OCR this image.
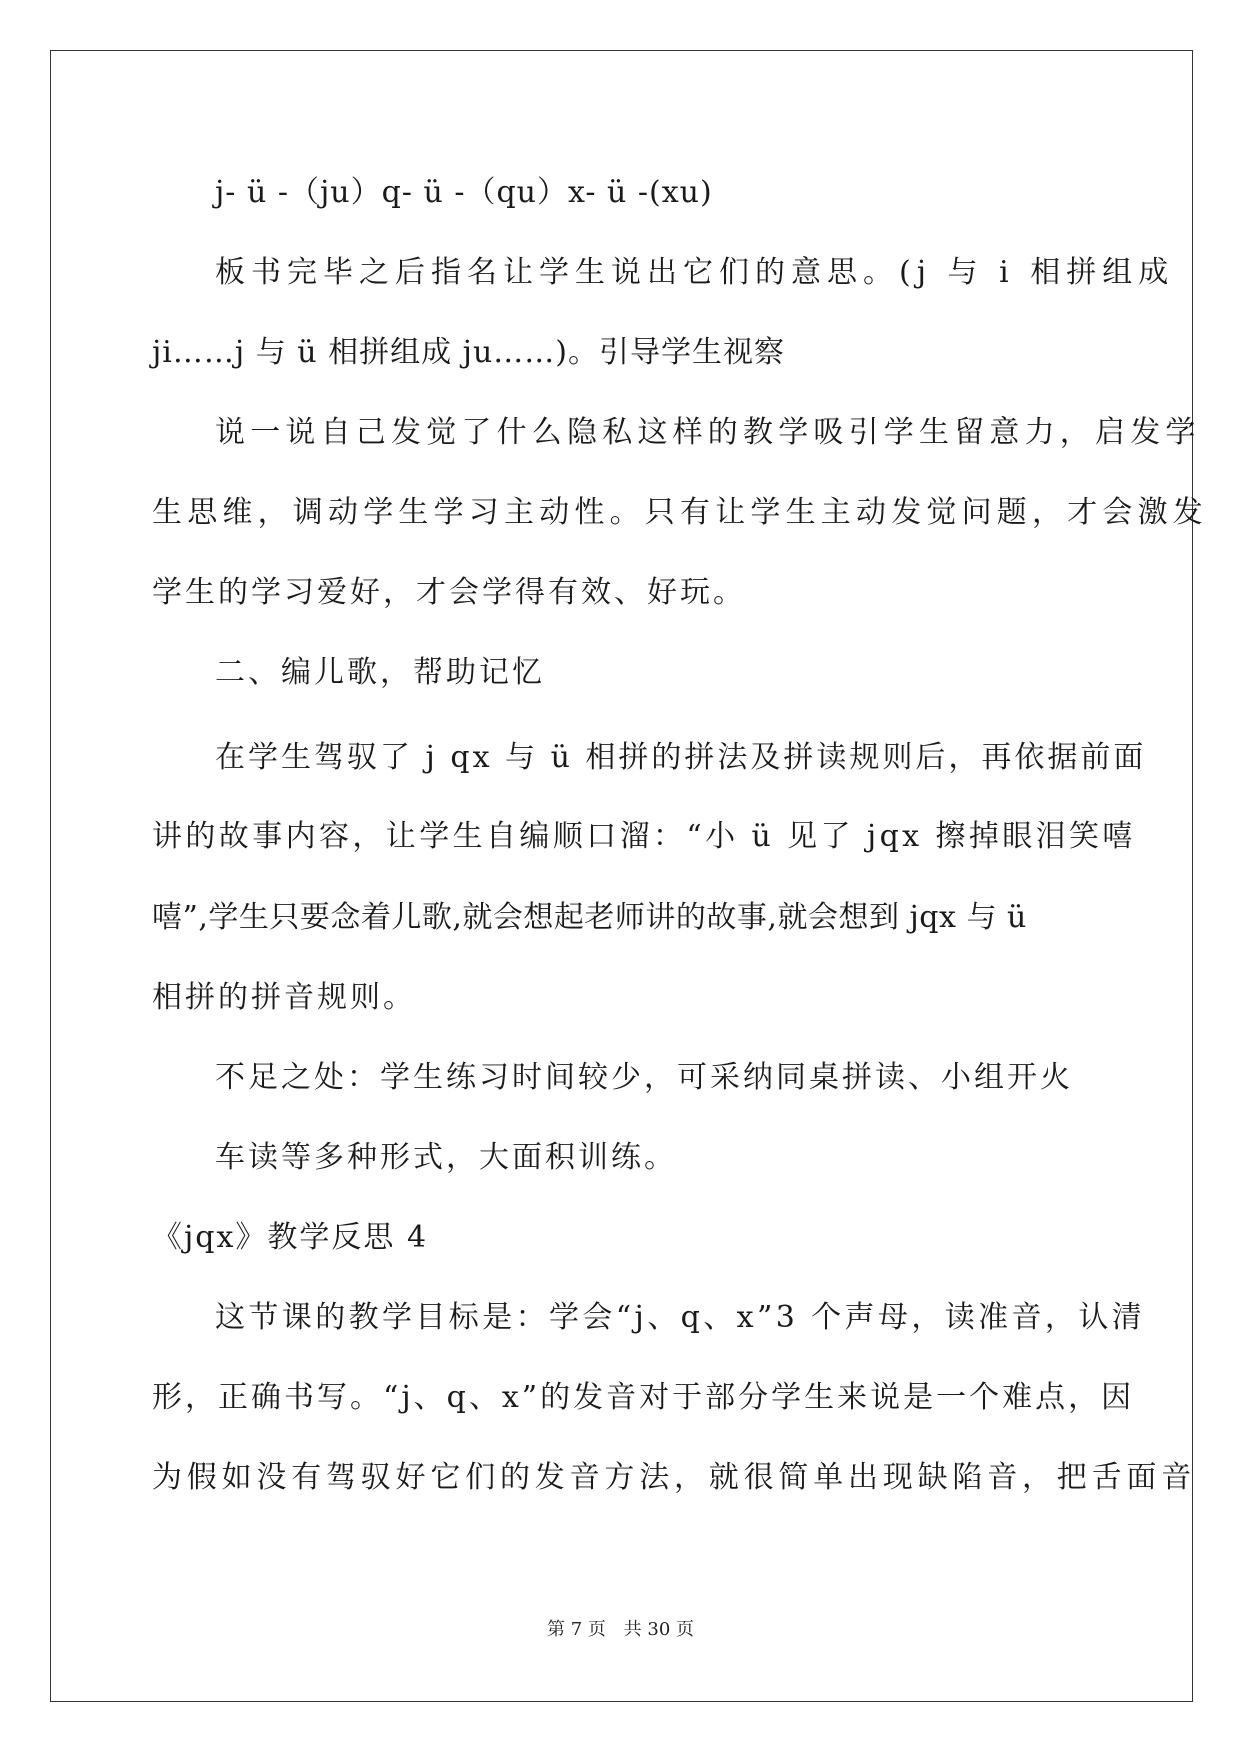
j- ü -（ju）q- ü -（qu）x- ü -(xu)
板书完毕之后指名让学生说出它们的意思。(j 与 i 相拼组成
ji……j 与 ü 相拼组成 ju……)。引导学生视察
说一说自己发觉了什么隐私这样的教学吸引学生留意力，启发学
生思维，调动学生学习主动性。只有让学生主动发觉问题，才会激发
学生的学习爱好，才会学得有效、好玩。
二、编儿歌，帮助记忆
在学生驾驭了 j qx 与 ü 相拼的拼法及拼读规则后，再依据前面
讲的故事内容，让学生自编顺口溜：“小 ü 见了 jqx 擦掉眼泪笑嘻
嘻”,学生只要念着儿歌,就会想起老师讲的故事,就会想到 jqx 与 ü
相拼的拼音规则。
不足之处：学生练习时间较少，可采纳同桌拼读、小组开火
车读等多种形式，大面积训练。
《jqx》教学反思 4
这节课的教学目标是：学会“j、q、x”3 个声母，读准音，认清
形，正确书写。“j、q、x”的发音对于部分学生来说是一个难点，因
为假如没有驾驭好它们的发音方法，就很简单出现缺陷音，把舌面音
第 7 页 共 30 页
